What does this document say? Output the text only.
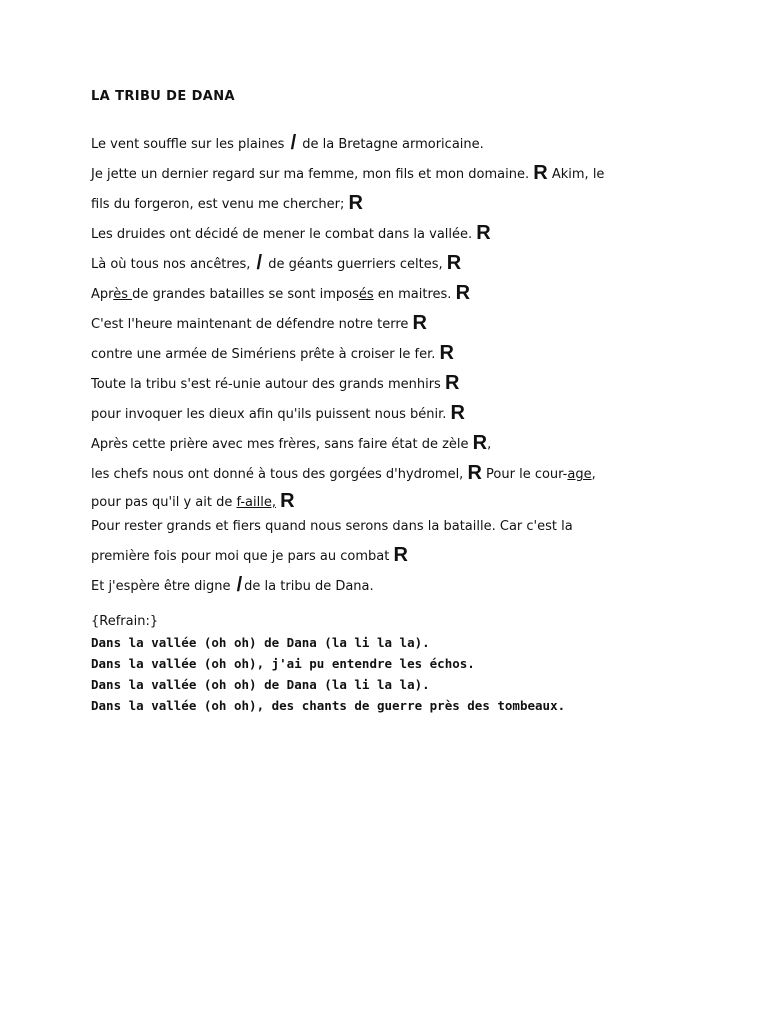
LA TRIBU DE DANA
Le vent souffle sur les plaines / de la Bretagne armoricaine.
Je jette un dernier regard sur ma femme, mon fils et mon domaine. R Akim, le
fils du forgeron, est venu me chercher; R
Les druides ont décidé de mener le combat dans la vallée. R
Là où tous nos ancêtres, / de géants guerriers celtes, R
Après de grandes batailles se sont imposés en maitres. R
C'est l'heure maintenant de défendre notre terre R
contre une armée de Simériens prête à croiser le fer. R
Toute la tribu s'est ré-unie autour des grands menhirs R
pour invoquer les dieux afin qu'ils puissent nous bénir. R
Après cette prière avec mes frères, sans faire état de zèle R,
les chefs nous ont donné à tous des gorgées d'hydromel, R Pour le cour-age,
pour pas qu'il y ait de f-aille, R
Pour rester grands et fiers quand nous serons dans la bataille. Car c'est la
première fois pour moi que je pars au combat R
Et j'espère être digne / de la tribu de Dana.
{Refrain:}
Dans la vallée (oh oh) de Dana (la li la la).
Dans la vallée (oh oh), j'ai pu entendre les échos.
Dans la vallée (oh oh) de Dana (la li la la).
Dans la vallée (oh oh), des chants de guerre près des tombeaux.
